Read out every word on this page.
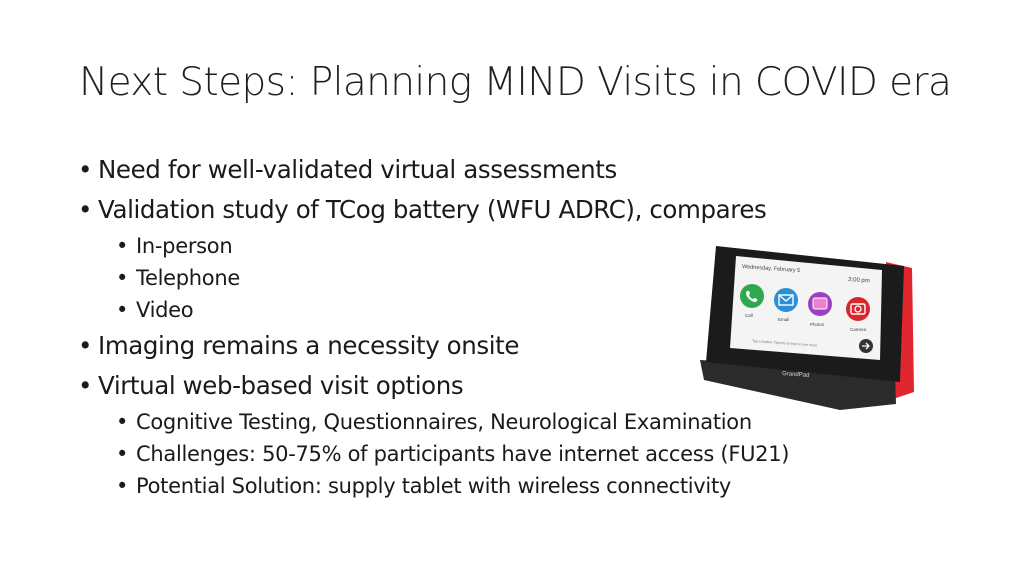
Next Steps: Planning MIND Visits in COVID era
• Need for well-validated virtual assessments
• Validation study of TCog battery (WFU ADRC), compares
• In-person
• Telephone
• Video
• Imaging remains a necessity onsite
• Virtual web-based visit options
• Cognitive Testing, Questionnaires, Neurological Examination
• Challenges: 50-75% of participants have internet access (FU21)
• Potential Solution: supply tablet with wireless connectivity
Wednesday, February 5
3:00 pm
Call
Email
Photos
Camera
Tap a button. Tap the arrows to see more.
GrandPad
